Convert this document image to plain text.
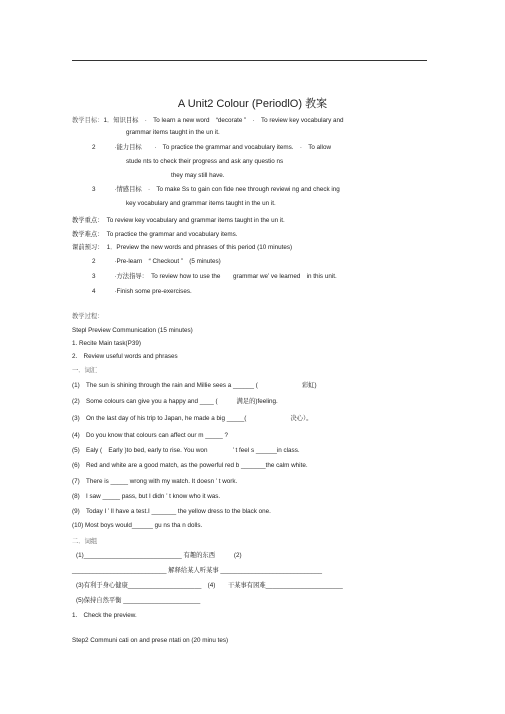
A Unit2 Colour (PeriodlO) 教案
教学目标：1．知识目标　·　To learn a new word　“decorate ”　·　To review key vocabulary and
grammar items taught in the un it.
2　　　·能力目标　　·　To practice the grammar and vocabulary items.　·　To allow
stude nts to check their progress and ask any questio ns
they may still have.
3　　　·情感目标　·　To make Ss to gain con fide nee through reviewi ng and check ing
key vocabulary and grammar items taught in the un it.
教学重点：　To review key vocabulary and grammar items taught in the un it.
教学难点：　To practice the grammar and vocabulary items.
课前预习：　1．Preview the new words and phrases of this period (10 minutes)
2　　　·Pre-learn　“ Checkout ”　(5 minutes)
3　　　·方法指导：　To review how to use the　　grammar we’ ve learned　in this unit.
4　　　·Finish some pre-exercises.
教学过程：
Stepl Preview Communication (15 minutes)
1. Recite Main task(P39)
2.　Review useful words and phrases
一．词汇
(1)　The sun is shining through the rain and Millie sees a ______ (　　　　　　　彩虹)
(2)　Some colours can give you a happy and ____ (　　　满足的)feeling.
(3)　On the last day of his trip to Japan, he made a big _____(　　　　　　　决心）。
(4)　Do you know that colours can affect our m _____ ?
(5)　Ealy (　Early )to bed, early to rise. You won　　　　’ t feel s ______in class.
(6)　Red and white are a good match, as the powerful red b _______the calm white.
(7)　There is _____ wrong with my watch. It doesn ’ t work.
(8)　I saw _____ pass, but I didn ’ t know who it was.
(9)　Today I ’ ll have a test.I _______ the yellow dress to the black one.
(10) Most boys would______ gu ns tha n dolls.
二．词组
(1)____________________________ 有趣的东西　　　(2)
___________________________ 解释给某人听某事 _____________________________
(3)有利于身心健康_____________________　(4)　　干某事有困难______________________
(5)保持自然平衡 ______________________
1.　Check the preview.
Step2 Communi cati on and prese ntati on (20 minu tes)
